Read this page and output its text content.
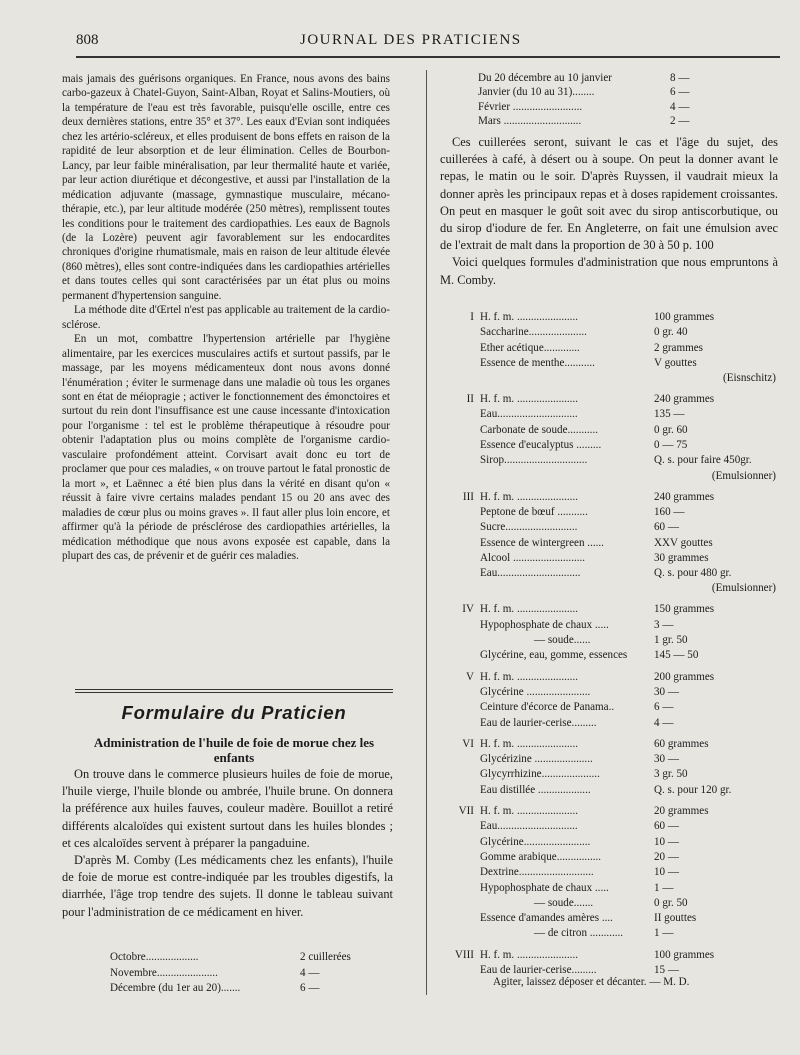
808	JOURNAL DES PRATICIENS

mais jamais des guérisons organiques. En France, nous avons des bains carbo-gazeux à Chatel-Guyon, Saint-Alban, Royat et Salins-Moutiers, où la température de l'eau est très favorable, puisqu'elle oscille, entre ces deux dernières stations, entre 35° et 37°. Les eaux d'Evian sont indiquées chez les artério-scléreux, et elles produisent de bons effets en raison de la rapidité de leur absorption et de leur élimination. Celles de Bourbon-Lancy, par leur faible minéralisation, par leur thermalité haute et variée, par leur action diurétique et décongestive, et aussi par l'installation de la médication adjuvante (massage, gymnastique musculaire, mécano-thérapie, etc.), par leur altitude modérée (250 mètres), remplissent toutes les conditions pour le traitement des cardiopathies. Les eaux de Bagnols (de la Lozère) peuvent agir favorablement sur les endocardites chroniques d'origine rhumatismale, mais en raison de leur altitude élevée (860 mètres), elles sont contre-indiquées dans les cardiopathies artérielles et dans toutes celles qui sont caractérisées par un état plus ou moins permanent d'hypertension sanguine.

La méthode dite d'Œrtel n'est pas applicable au traitement de la cardio-sclérose.

En un mot, combattre l'hypertension artérielle par l'hygiène alimentaire, par les exercices musculaires actifs et surtout passifs, par le massage, par les moyens médicamenteux dont nous avons donné l'énumération ; éviter le surmenage dans une maladie où tous les organes sont en état de méiopragie ; activer le fonctionnement des émonctoires et surtout du rein dont l'insuffisance est une cause incessante d'intoxication pour l'organisme : tel est le problème thérapeutique à résoudre pour obtenir l'adaptation plus ou moins complète de l'organisme cardio-vasculaire profondément atteint. Corvisart avait donc eu tort de proclamer que pour ces maladies, « on trouve partout le fatal pronostic de la mort », et Laënnec a été bien plus dans la vérité en disant qu'on « réussit à faire vivre certains malades pendant 15 ou 20 ans avec des maladies de cœur plus ou moins graves ». Il faut aller plus loin encore, et affirmer qu'à la période de présclérose des cardiopathies artérielles, la médication méthodique que nous avons exposée est capable, dans la plupart des cas, de prévenir et de guérir ces maladies.

Formulaire du Praticien
Administration de l'huile de foie de morue chez les enfants

On trouve dans le commerce plusieurs huiles de foie de morue, l'huile vierge, l'huile blonde ou ambrée, l'huile brune. On donnera la préférence aux huiles fauves, couleur madère. Bouillot a retiré différents alcaloïdes qui existent surtout dans les huiles blondes ; et ces alcaloïdes servent à préparer la pangaduine.

D'après M. Comby (Les médicaments chez les enfants), l'huile de foie de morue est contre-indiquée par les troubles digestifs, la diarrhée, l'âge trop tendre des sujets. Il donne le tableau suivant pour l'administration de ce médicament en hiver.

Octobre...................	2 cuillerées
Novembre......................	4 —
Décembre (du 1er au 20).......	6 —
Du 20 décembre au 10 janvier	8 —
Janvier (du 10 au 31)........	6 —
Février .........................	4 —
Mars ............................	2 —

Ces cuillerées seront, suivant le cas et l'âge du sujet, des cuillerées à café, à désert ou à soupe. On peut la donner avant le repas, le matin ou le soir. D'après Ruyssen, il vaudrait mieux la donner après les principaux repas et à doses rapidement croissantes. On peut en masquer le goût soit avec du sirop antiscorbutique, ou du sirop d'iodure de fer. En Angleterre, on fait une émulsion avec de l'extrait de malt dans la proportion de 30 à 50 p. 100

Voici quelques formules d'administration que nous empruntons à M. Comby.

I H. f. m. ......................	100 grammes
Saccharine.....................	0 gr. 40
Ether acétique.............	2 grammes
Essence de menthe...........	V gouttes
(Eisnschitz)
II H. f. m. ......................	240 grammes
Eau.............................	135 —
Carbonate de soude...........	0 gr. 60
Essence d'eucalyptus .........	0 — 75
Sirop..............................	Q. s. pour faire 450gr.
(Emulsionner)
III H. f. m. ......................	240 grammes
Peptone de bœuf ...........	160 —
Sucre..........................	60 —
Essence de wintergreen ......	XXV gouttes
Alcool ..........................	30 grammes
Eau..............................	Q. s. pour 480 gr.
(Emulsionner)
IV H. f. m. ......................	150 grammes
Hypophosphate de chaux .....	3 —
— soude......	1 gr. 50
Glycérine, eau, gomme, essences 145 — 50
V H. f. m. ......................	200 grammes
Glycérine .......................	30 —
Ceinture d'écorce de Panama..	6 —
Eau de laurier-cerise.........	4 —
VI H. f. m. ......................	60 grammes
Glycérizine .....................	30 —
Glycyrrhizine.....................	3 gr. 50
Eau distillée ...................	Q. s. pour 120 gr.
VII H. f. m. ......................	20 grammes
Eau.............................	60 —
Glycérine........................	10 —
Gomme arabique................	20 —
Dextrine...........................	10 —
Hypophosphate de chaux .....	1 —
— soude.......	0 gr. 50
Essence d'amandes amères ....	II gouttes
— de citron ............	1 —
VIII H. f. m. ......................	100 grammes
Eau de laurier-cerise.........	15 —
Agiter, laissez déposer et décanter. — M. D.
